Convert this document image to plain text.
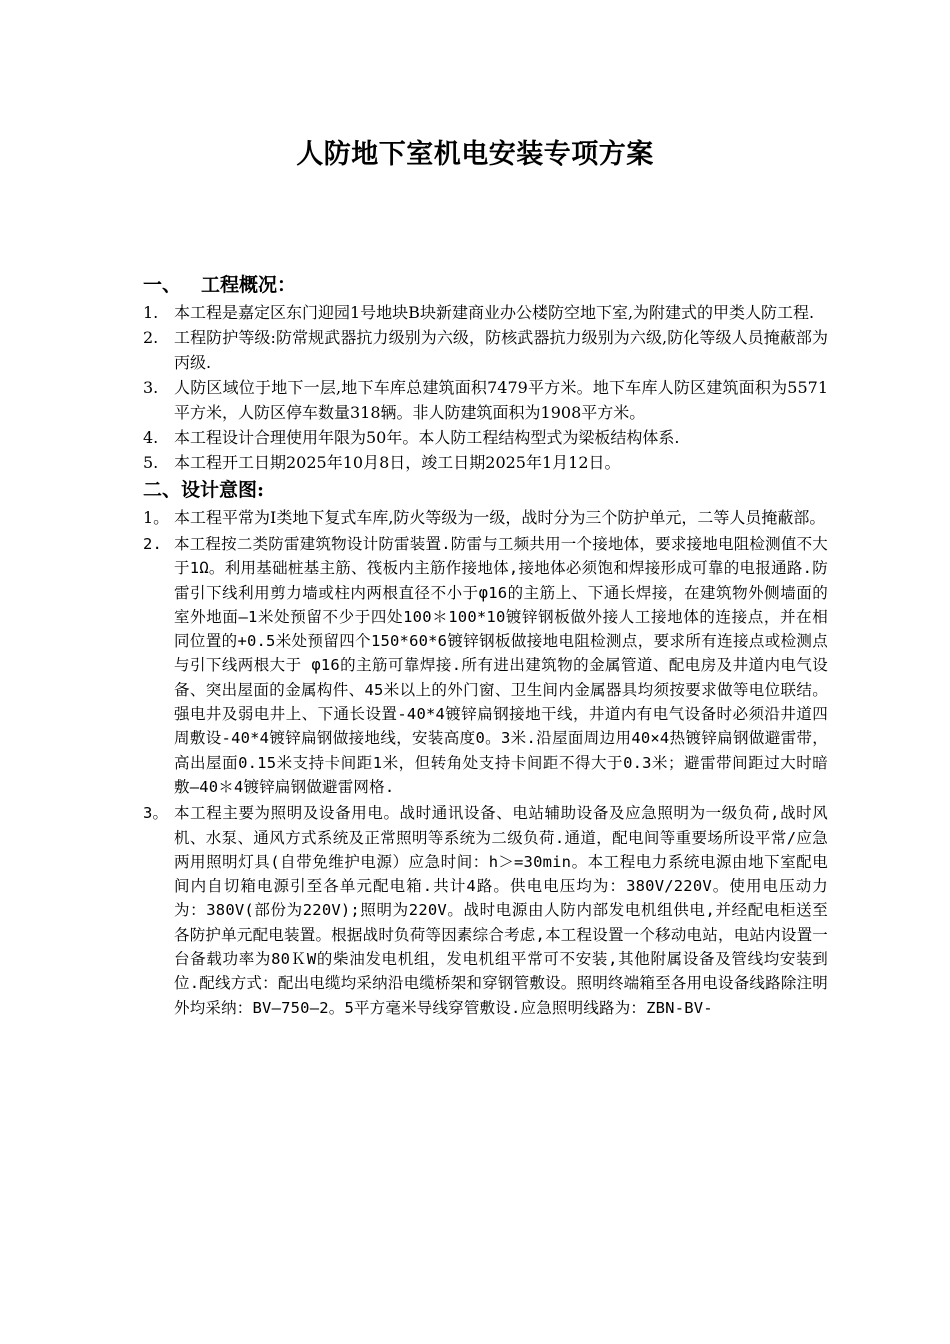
人防地下室机电安装专项方案
一、 工程概况：

1. 本工程是嘉定区东门迎园1号地块B块新建商业办公楼防空地下室,为附建式的甲类人防工程.

2. 工程防护等级:防常规武器抗力级别为六级，防核武器抗力级别为六级,防化等级人员掩蔽部为丙级.

3. 人防区域位于地下一层,地下车库总建筑面积7479平方米。地下车库人防区建筑面积为5571平方米，人防区停车数量318辆。非人防建筑面积为1908平方米。

4. 本工程设计合理使用年限为50年。本人防工程结构型式为梁板结构体系.

5. 本工程开工日期2025年10月8日，竣工日期2025年1月12日。

二、设计意图:

1。 本工程平常为Ⅰ类地下复式车库,防火等级为一级，战时分为三个防护单元，二等人员掩蔽部。

2. 本工程按二类防雷建筑物设计防雷装置.防雷与工频共用一个接地体，要求接地电阻检测值不大于1Ω。利用基础桩基主筋、筏板内主筋作接地体,接地体必须饱和焊接形成可靠的电报通路.防雷引下线利用剪力墙或柱内两根直径不小于φ16的主筋上、下通长焊接，在建筑物外侧墙面的室外地面—1米处预留不少于四处100＊100*10镀锌钢板做外接人工接地体的连接点，并在相同位置的+0.5米处预留四个150*60*6镀锌钢板做接地电阻检测点，要求所有连接点或检测点与引下线两根大于 φ16的主筋可靠焊接.所有进出建筑物的金属管道、配电房及井道内电气设备、突出屋面的金属构件、45米以上的外门窗、卫生间内金属器具均须按要求做等电位联结。强电井及弱电井上、下通长设置-40*4镀锌扁钢接地干线，井道内有电气设备时必须沿井道四周敷设-40*4镀锌扁钢做接地线，安装高度0。3米.沿屋面周边用40×4热镀锌扁钢做避雷带，高出屋面0.15米支持卡间距1米，但转角处支持卡间距不得大于0.3米；避雷带间距过大时暗敷—40＊4镀锌扁钢做避雷网格.

3。 本工程主要为照明及设备用电。战时通讯设备、电站辅助设备及应急照明为一级负荷,战时风机、水泵、通风方式系统及正常照明等系统为二级负荷.通道，配电间等重要场所设平常/应急两用照明灯具(自带免维护电源）应急时间：h＞=30min。本工程电力系统电源由地下室配电间内自切箱电源引至各单元配电箱.共计4路。供电电压均为：380V/220V。使用电压动力为：380V(部份为220V);照明为220V。战时电源由人防内部发电机组供电,并经配电柜送至各防护单元配电装置。根据战时负荷等因素综合考虑,本工程设置一个移动电站，电站内设置一台备载功率为80ＫW的柴油发电机组，发电机组平常可不安装,其他附属设备及管线均安装到位.配线方式：配出电缆均采纳沿电缆桥架和穿钢管敷设。照明终端箱至各用电设备线路除注明外均采纳：BV—750—2。5平方毫米导线穿管敷设.应急照明线路为：ZBN-BV-
